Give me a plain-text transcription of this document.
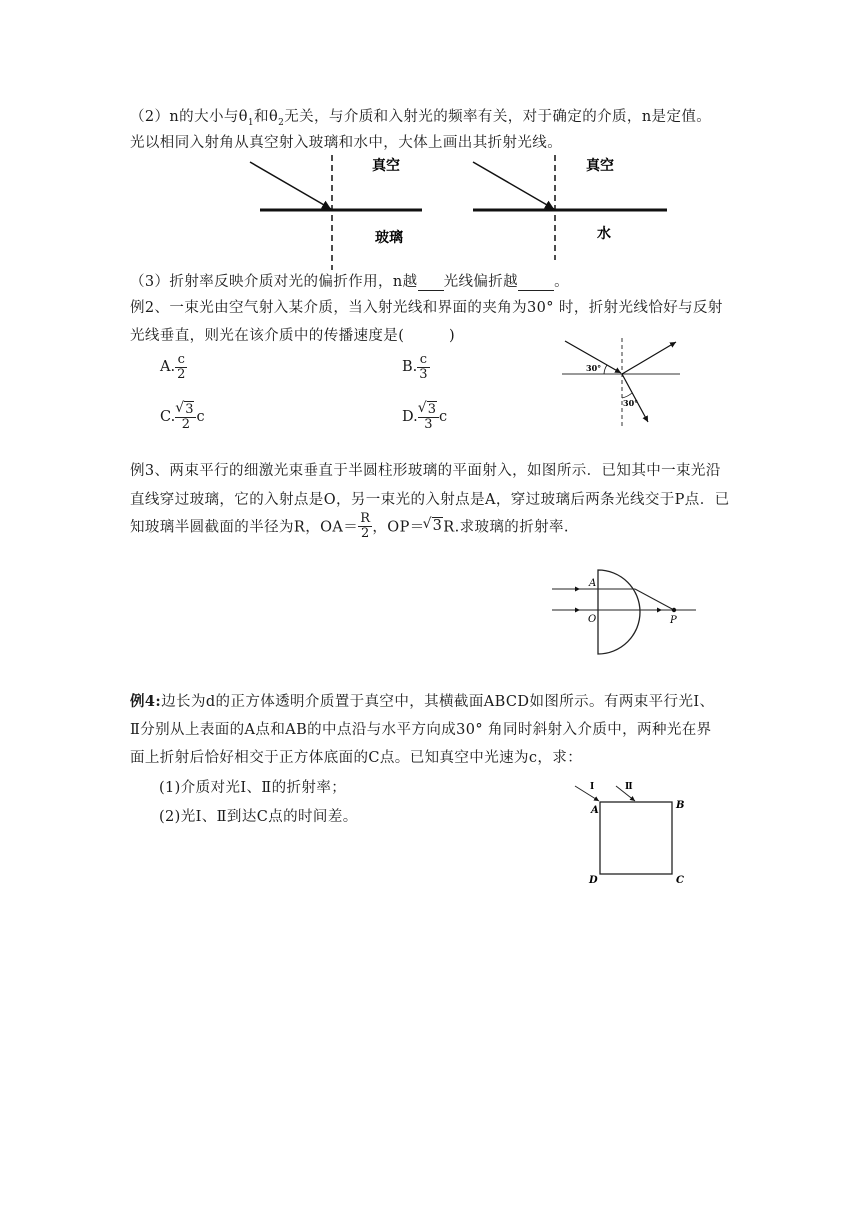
（2）n的大小与$\theta_1$和$\theta_2$无关，与介质和入射光的频率有关，对于确定的介质，n是定值。
光以相同入射角从真空射入玻璃和水中，大体上画出其折射光线。
真空
玻璃
真空
水
（3）折射率反映介质对光的偏折作用，n越 光线偏折越 。
例2、一束光由空气射入某介质，当入射光线和界面的夹角为30° 时，折射光线恰好与反射
光线垂直，则光在该介质中的传播速度是(　　　)
A. $\frac{c}{2}$	B. $\frac{c}{3}$
C. √ $\frac{3}{2}$ c	D. √ $\frac{3}{3}$ c
30°
30°
例3、两束平行的细激光束垂直于半圆柱形玻璃的平面射入，如图所示．已知其中一束光沿
直线穿过玻璃，它的入射点是O，另一束光的入射点是A，穿过玻璃后两条光线交于P点．已
知玻璃半圆截面的半径为R，$OA= \frac{R}{2}$ ，OP＝ √ 3R.求玻璃的折射率.
A
O	P
例4:边长为d的正方体透明介质置于真空中，其横截面ABCD如图所示。有两束平行光Ⅰ、
Ⅱ分别从上表面的A点和AB的中点沿与水平方向成30° 角同时斜射入介质中，两种光在界
面上折射后恰好相交于正方体底面的C点。已知真空中光速为c，求：
(1)介质对光Ⅰ、Ⅱ的折射率；
(2)光Ⅰ、Ⅱ到达C点的时间差。
Ⅰ	Ⅱ
A	B
C
D
